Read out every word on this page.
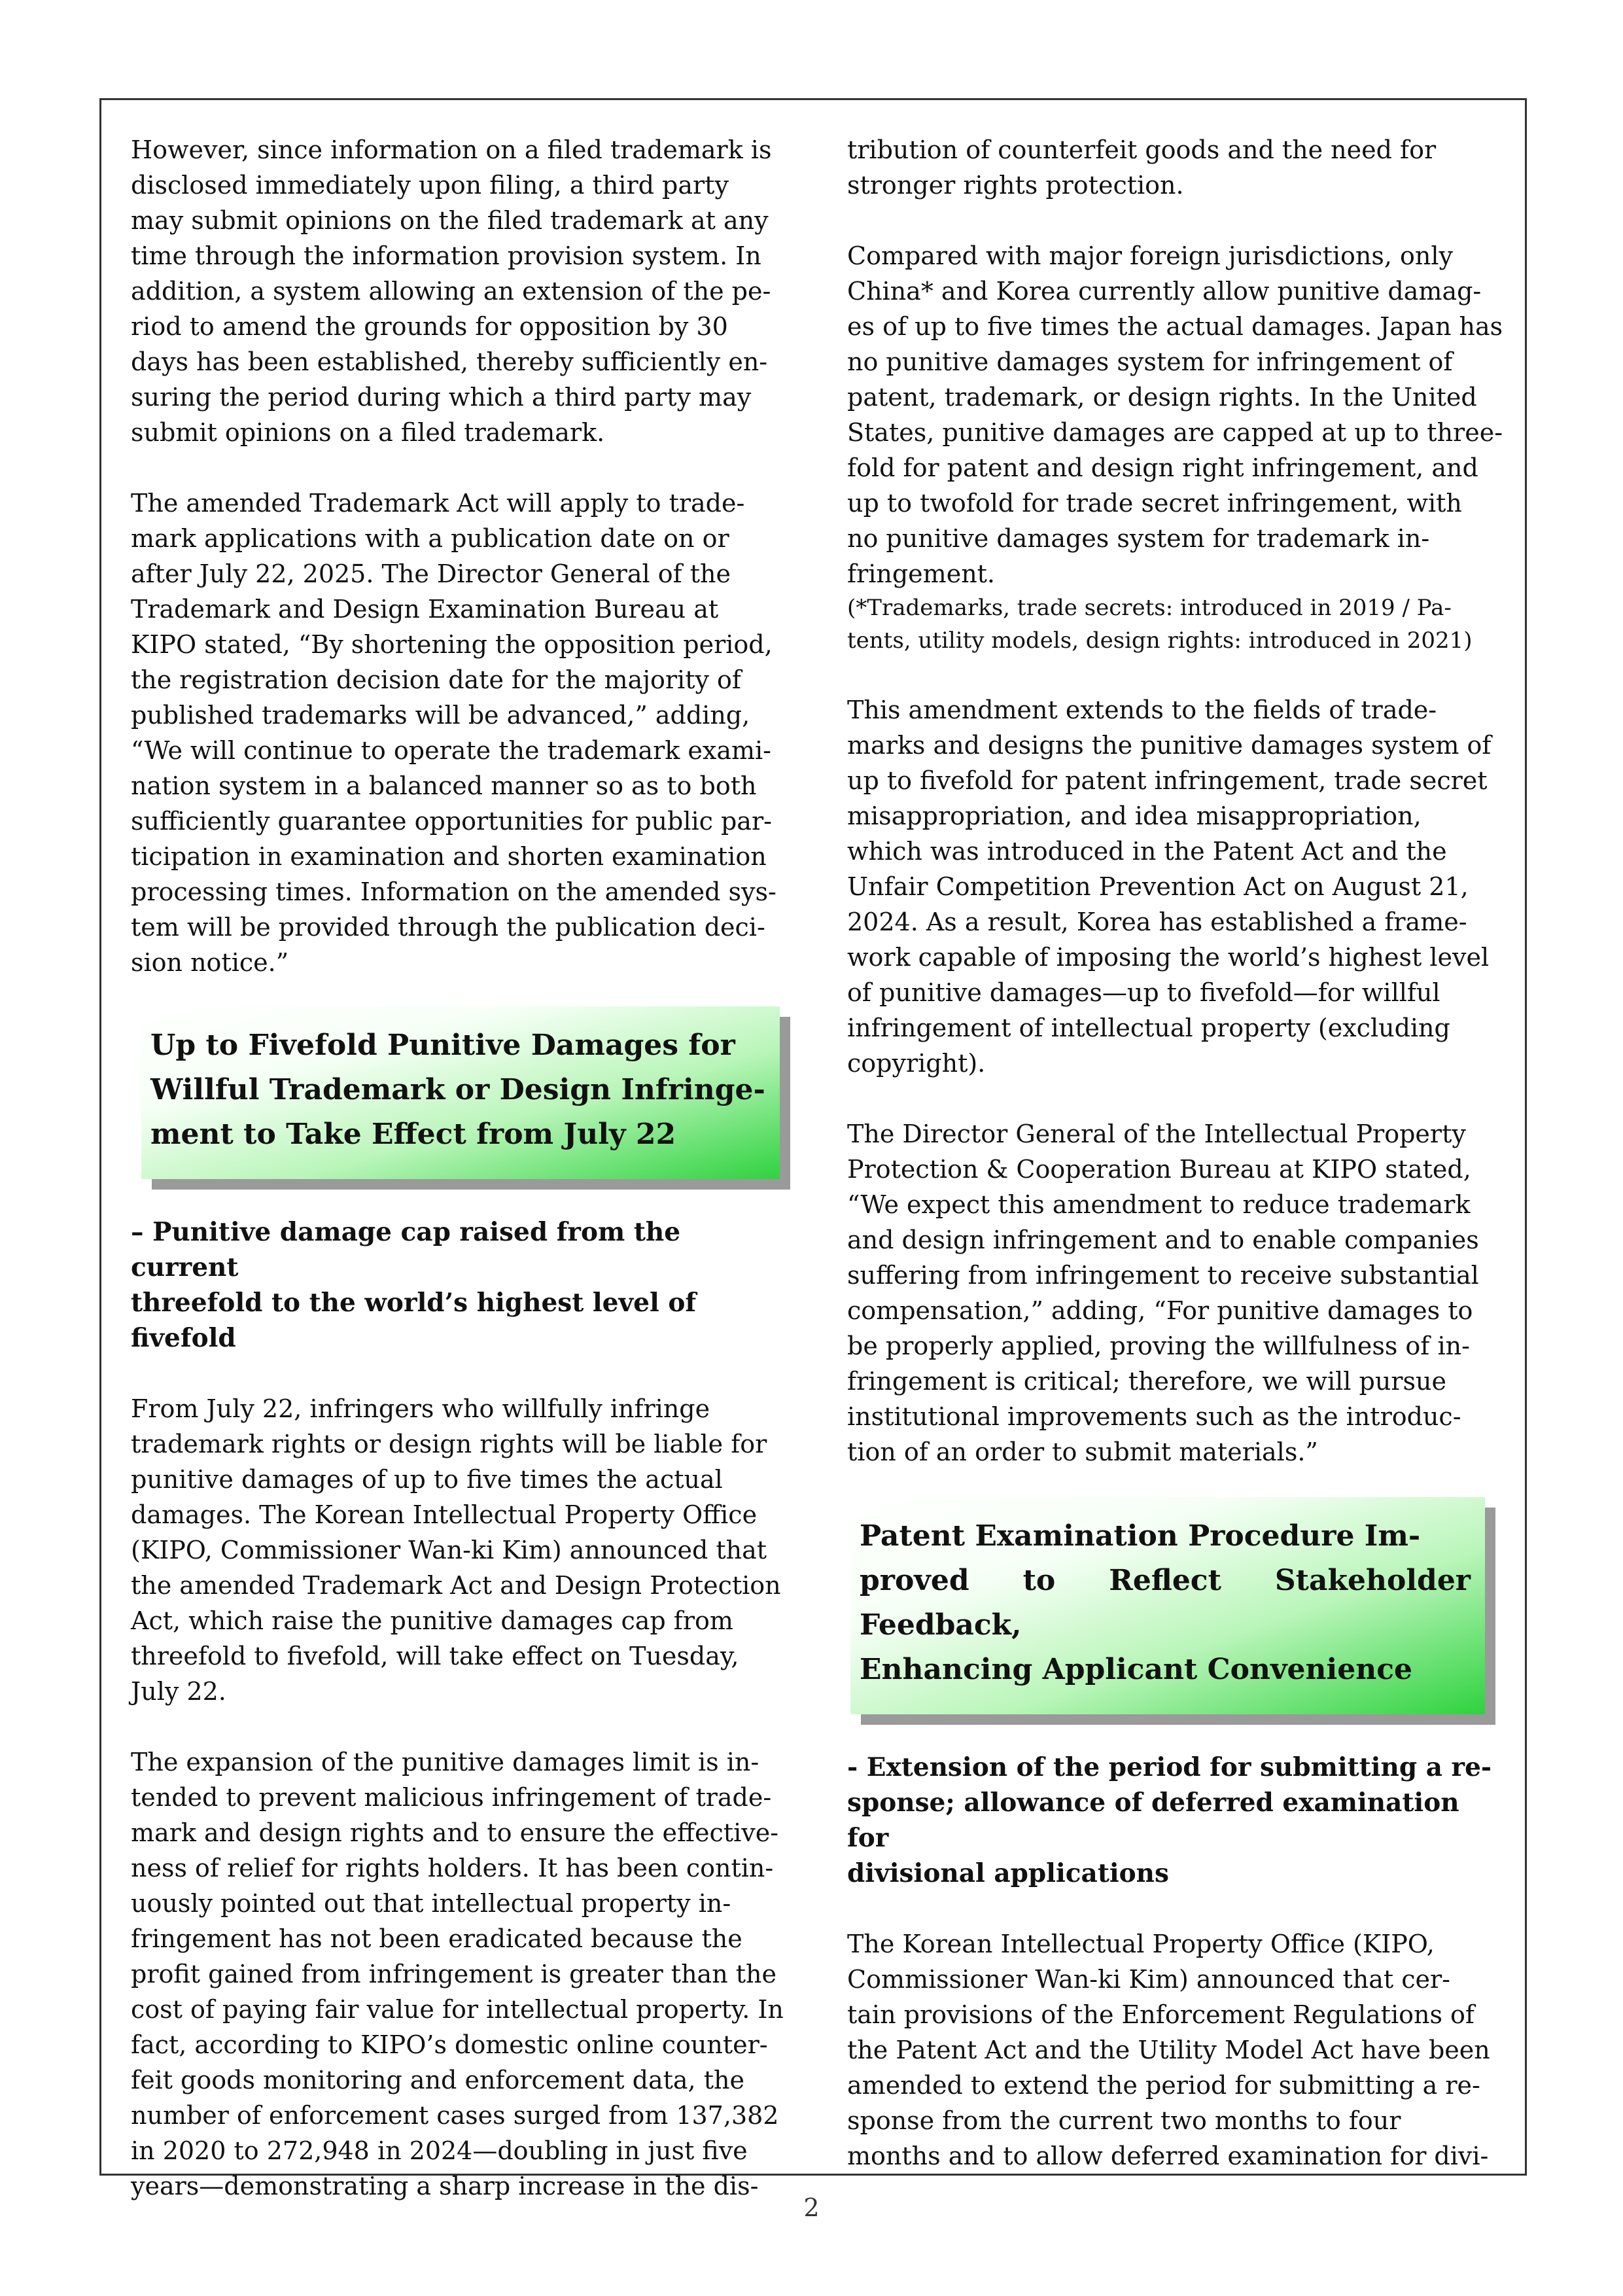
However, since information on a filed trademark is
disclosed immediately upon filing, a third party
may submit opinions on the filed trademark at any
time through the information provision system. In
addition, a system allowing an extension of the pe-
riod to amend the grounds for opposition by 30
days has been established, thereby sufficiently en-
suring the period during which a third party may
submit opinions on a filed trademark.

The amended Trademark Act will apply to trade-
mark applications with a publication date on or
after July 22, 2025. The Director General of the
Trademark and Design Examination Bureau at
KIPO stated, “By shortening the opposition period,
the registration decision date for the majority of
published trademarks will be advanced,” adding,
“We will continue to operate the trademark exami-
nation system in a balanced manner so as to both
sufficiently guarantee opportunities for public par-
ticipation in examination and shorten examination
processing times. Information on the amended sys-
tem will be provided through the publication deci-
sion notice.”

Up to Fivefold Punitive Damages for
Willful Trademark or Design Infringe-
ment to Take Effect from July 22

– Punitive damage cap raised from the current
threefold to the world’s highest level of fivefold

From July 22, infringers who willfully infringe
trademark rights or design rights will be liable for
punitive damages of up to five times the actual
damages. The Korean Intellectual Property Office
(KIPO, Commissioner Wan-ki Kim) announced that
the amended Trademark Act and Design Protection
Act, which raise the punitive damages cap from
threefold to fivefold, will take effect on Tuesday,
July 22.

The expansion of the punitive damages limit is in-
tended to prevent malicious infringement of trade-
mark and design rights and to ensure the effective-
ness of relief for rights holders. It has been contin-
uously pointed out that intellectual property in-
fringement has not been eradicated because the
profit gained from infringement is greater than the
cost of paying fair value for intellectual property. In
fact, according to KIPO’s domestic online counter-
feit goods monitoring and enforcement data, the
number of enforcement cases surged from 137,382
in 2020 to 272,948 in 2024—doubling in just five
years—demonstrating a sharp increase in the dis-

tribution of counterfeit goods and the need for
stronger rights protection.

Compared with major foreign jurisdictions, only
China* and Korea currently allow punitive damag-
es of up to five times the actual damages. Japan has
no punitive damages system for infringement of
patent, trademark, or design rights. In the United
States, punitive damages are capped at up to three-
fold for patent and design right infringement, and
up to twofold for trade secret infringement, with
no punitive damages system for trademark in-
fringement.

(*Trademarks, trade secrets: introduced in 2019 / Pa-
tents, utility models, design rights: introduced in 2021)

This amendment extends to the fields of trade-
marks and designs the punitive damages system of
up to fivefold for patent infringement, trade secret
misappropriation, and idea misappropriation,
which was introduced in the Patent Act and the
Unfair Competition Prevention Act on August 21,
2024. As a result, Korea has established a frame-
work capable of imposing the world’s highest level
of punitive damages—up to fivefold—for willful
infringement of intellectual property (excluding
copyright).

The Director General of the Intellectual Property
Protection & Cooperation Bureau at KIPO stated,
“We expect this amendment to reduce trademark
and design infringement and to enable companies
suffering from infringement to receive substantial
compensation,” adding, “For punitive damages to
be properly applied, proving the willfulness of in-
fringement is critical; therefore, we will pursue
institutional improvements such as the introduc-
tion of an order to submit materials.”

Patent Examination Procedure Im-
proved to Reflect Stakeholder Feedback,
Enhancing Applicant Convenience

- Extension of the period for submitting a re-
sponse; allowance of deferred examination for
divisional applications

The Korean Intellectual Property Office (KIPO,
Commissioner Wan-ki Kim) announced that cer-
tain provisions of the Enforcement Regulations of
the Patent Act and the Utility Model Act have been
amended to extend the period for submitting a re-
sponse from the current two months to four
months and to allow deferred examination for divi-

2
